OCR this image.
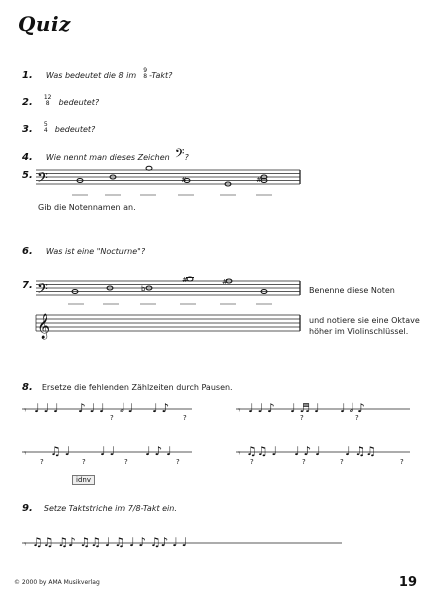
Quiz
1. Was bedeutet die 8 im 9
8 -Takt?
2. 12
8 bedeutet?
3. 5
4 bedeutet?
4. Wie nennt man dieses Zeichen 𝄢?
5.
Gib die Notennamen an.
6. Was ist eine "Nocturne"?
7.	Benenne diese Noten
und notiere sie eine Oktave
höher im Violinschlüssel.
8. Ersetze die fehlenden Zählzeiten durch Pausen.
idnv
9. Setze Taktstriche im 7/8-Takt ein.
© 2000 by AMA Musikverlag	19
𝄢
𝄢
𝄞
#	#
b
#	#
𝄾 ♩ ♩ ♩ ♪ ♩ ♩ 𝅗𝅥 ♩ ♩ ♪	𝄾 ♩ ♩ ♪ ♩ ♬ ♩ ♩ 𝅗𝅥 ♪
𝄾 ♫ ♩ ♩ ♩ ♩ ♪ ♩	𝄾 ♫♫ ♩ ♩ ♪ ♩ ♩ ♫♫
?	?	?	?
?	?	?	?	?	?	?	?
𝄾 ♫♫ ♫♪ ♫♫ ♩ ♫ ♩ ♪ ♫♪ ♩ ♩
